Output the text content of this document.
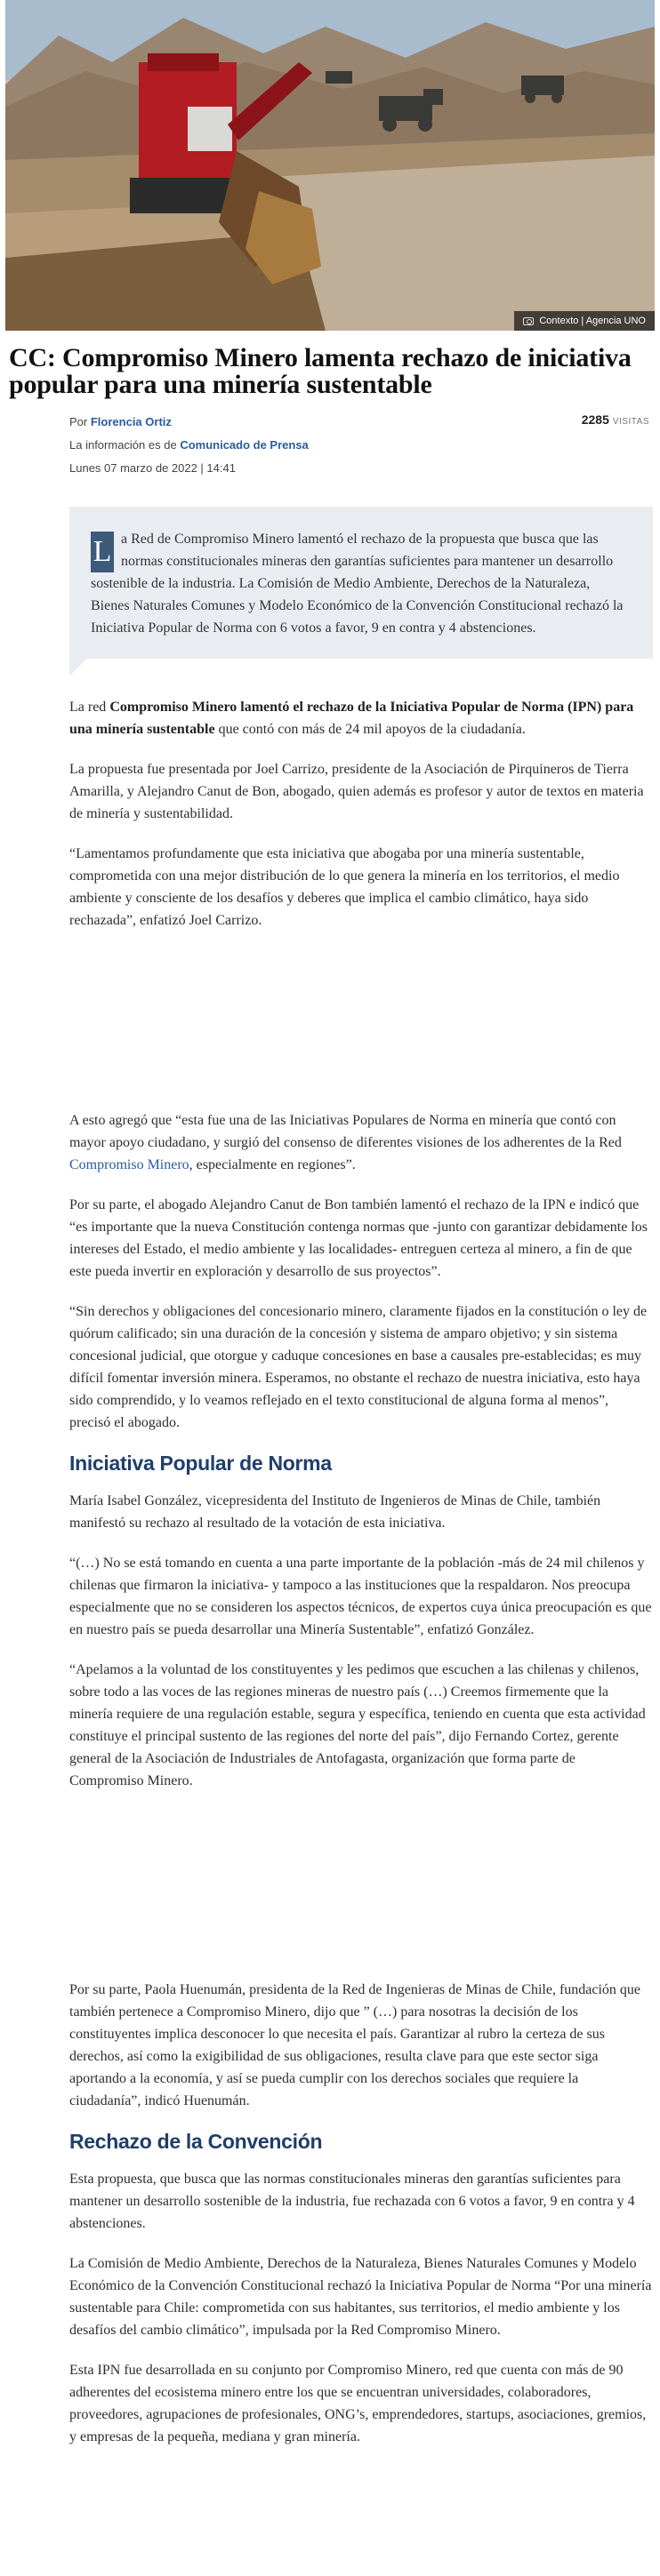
Contexto | Agencia UNO
CC: Compromiso Minero lamenta rechazo de iniciativa popular para una minería sustentable
Por Florencia Ortiz	2285 VISITAS
La información es de Comunicado de Prensa
Lunes 07 marzo de 2022 | 14:41
L a Red de Compromiso Minero lamentó el rechazo de la propuesta que busca que las normas constitucionales mineras den garantías suficientes para mantener un desarrollo sostenible de la industria. La Comisión de Medio Ambiente, Derechos de la Naturaleza, Bienes Naturales Comunes y Modelo Económico de la Convención Constitucional rechazó la Iniciativa Popular de Norma con 6 votos a favor, 9 en contra y 4 abstenciones.

La red Compromiso Minero lamentó el rechazo de la Iniciativa Popular de Norma (IPN) para una minería sustentable que contó con más de 24 mil apoyos de la ciudadanía.

La propuesta fue presentada por Joel Carrizo, presidente de la Asociación de Pirquineros de Tierra Amarilla, y Alejandro Canut de Bon, abogado, quien además es profesor y autor de textos en materia de minería y sustentabilidad.

“Lamentamos profundamente que esta iniciativa que abogaba por una minería sustentable, comprometida con una mejor distribución de lo que genera la minería en los territorios, el medio ambiente y consciente de los desafíos y deberes que implica el cambio climático, haya sido rechazada”, enfatizó Joel Carrizo.

A esto agregó que “esta fue una de las Iniciativas Populares de Norma en minería que contó con mayor apoyo ciudadano, y surgió del consenso de diferentes visiones de los adherentes de la Red Compromiso Minero, especialmente en regiones”.

Por su parte, el abogado Alejandro Canut de Bon también lamentó el rechazo de la IPN e indicó que “es importante que la nueva Constitución contenga normas que -junto con garantizar debidamente los intereses del Estado, el medio ambiente y las localidades- entreguen certeza al minero, a fin de que este pueda invertir en exploración y desarrollo de sus proyectos”.

“Sin derechos y obligaciones del concesionario minero, claramente fijados en la constitución o ley de quórum calificado; sin una duración de la concesión y sistema de amparo objetivo; y sin sistema concesional judicial, que otorgue y caduque concesiones en base a causales pre-establecidas; es muy difícil fomentar inversión minera. Esperamos, no obstante el rechazo de nuestra iniciativa, esto haya sido comprendido, y lo veamos reflejado en el texto constitucional de alguna forma al menos”, precisó el abogado.

Iniciativa Popular de Norma

María Isabel González, vicepresidenta del Instituto de Ingenieros de Minas de Chile, también manifestó su rechazo al resultado de la votación de esta iniciativa.

“(…) No se está tomando en cuenta a una parte importante de la población -más de 24 mil chilenos y chilenas que firmaron la iniciativa- y tampoco a las instituciones que la respaldaron. Nos preocupa especialmente que no se consideren los aspectos técnicos, de expertos cuya única preocupación es que en nuestro país se pueda desarrollar una Minería Sustentable”, enfatizó González.

“Apelamos a la voluntad de los constituyentes y les pedimos que escuchen a las chilenas y chilenos, sobre todo a las voces de las regiones mineras de nuestro país (…) Creemos firmemente que la minería requiere de una regulación estable, segura y específica, teniendo en cuenta que esta actividad constituye el principal sustento de las regiones del norte del país”, dijo Fernando Cortez, gerente general de la Asociación de Industriales de Antofagasta, organización que forma parte de Compromiso Minero.

Por su parte, Paola Huenumán, presidenta de la Red de Ingenieras de Minas de Chile, fundación que también pertenece a Compromiso Minero, dijo que ” (…) para nosotras la decisión de los constituyentes implica desconocer lo que necesita el país. Garantizar al rubro la certeza de sus derechos, así como la exigibilidad de sus obligaciones, resulta clave para que este sector siga aportando a la economía, y así se pueda cumplir con los derechos sociales que requiere la ciudadanía”, indicó Huenumán.

Rechazo de la Convención

Esta propuesta, que busca que las normas constitucionales mineras den garantías suficientes para mantener un desarrollo sostenible de la industria, fue rechazada con 6 votos a favor, 9 en contra y 4 abstenciones.

La Comisión de Medio Ambiente, Derechos de la Naturaleza, Bienes Naturales Comunes y Modelo Económico de la Convención Constitucional rechazó la Iniciativa Popular de Norma “Por una minería sustentable para Chile: comprometida con sus habitantes, sus territorios, el medio ambiente y los desafíos del cambio climático”, impulsada por la Red Compromiso Minero.

Esta IPN fue desarrollada en su conjunto por Compromiso Minero, red que cuenta con más de 90 adherentes del ecosistema minero entre los que se encuentran universidades, colaboradores, proveedores, agrupaciones de profesionales, ONG’s, emprendedores, startups, asociaciones, gremios, y empresas de la pequeña, mediana y gran minería.
